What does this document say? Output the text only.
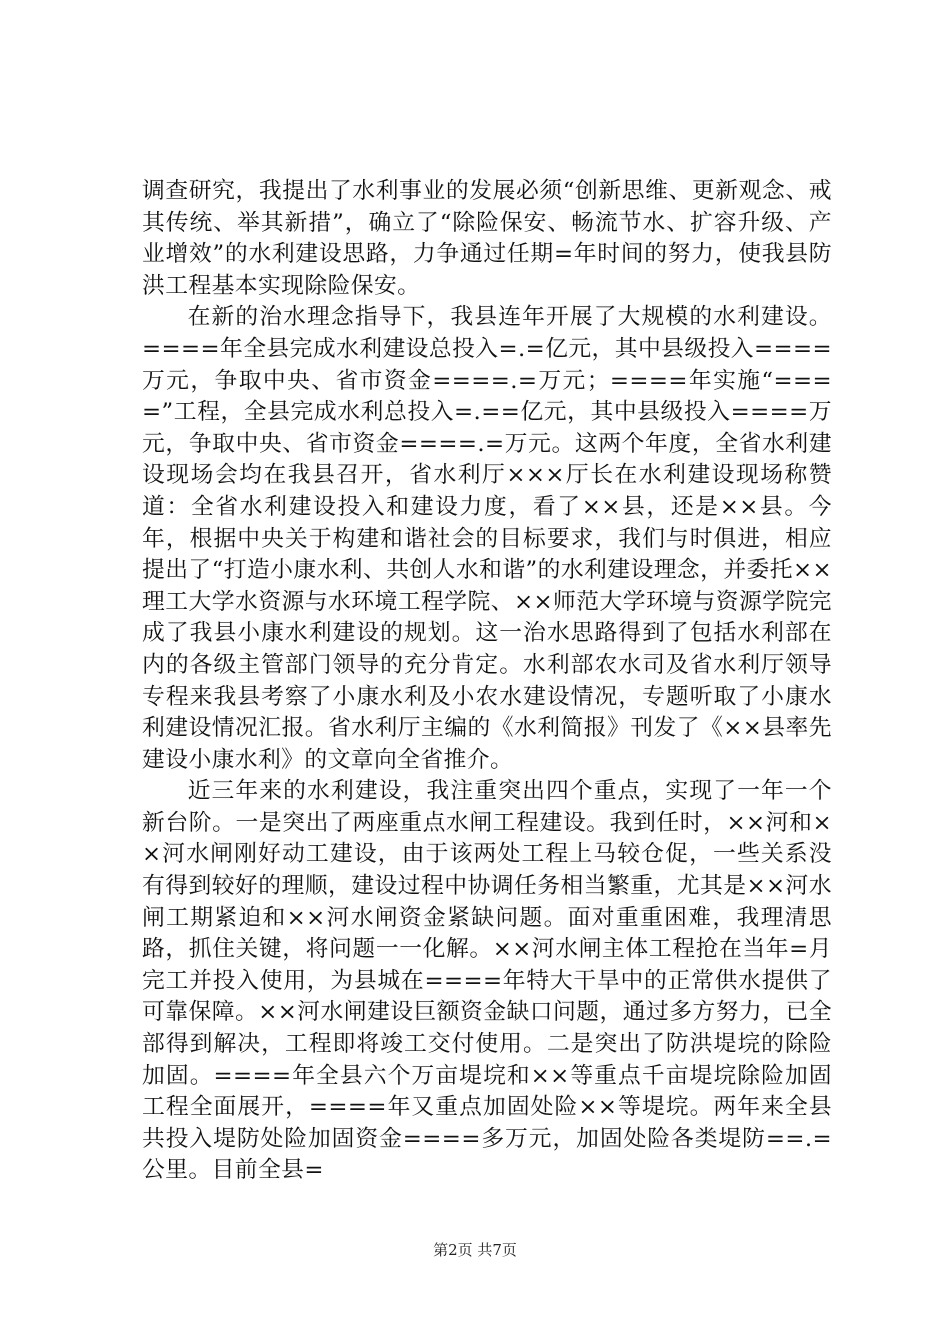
调查研究，我提出了水利事业的发展必须“创新思维、更新观念、戒其传统、举其新措”，确立了“除险保安、畅流节水、扩容升级、产业增效”的水利建设思路，力争通过任期=年时间的努力，使我县防洪工程基本实现除险保安。

在新的治水理念指导下，我县连年开展了大规模的水利建设。====年全县完成水利建设总投入=.=亿元，其中县级投入====万元，争取中央、省市资金====.=万元；====年实施“====”工程，全县完成水利总投入=.==亿元，其中县级投入====万元，争取中央、省市资金====.=万元。这两个年度，全省水利建设现场会均在我县召开，省水利厅×××厅长在水利建设现场称赞道：全省水利建设投入和建设力度，看了××县，还是××县。今年，根据中央关于构建和谐社会的目标要求，我们与时俱进，相应提出了“打造小康水利、共创人水和谐”的水利建设理念，并委托××理工大学水资源与水环境工程学院、××师范大学环境与资源学院完成了我县小康水利建设的规划。这一治水思路得到了包括水利部在内的各级主管部门领导的充分肯定。水利部农水司及省水利厅领导专程来我县考察了小康水利及小农水建设情况，专题听取了小康水利建设情况汇报。省水利厅主编的《水利简报》刊发了《××县率先建设小康水利》的文章向全省推介。

近三年来的水利建设，我注重突出四个重点，实现了一年一个新台阶。一是突出了两座重点水闸工程建设。我到任时，××河和××河水闸刚好动工建设，由于该两处工程上马较仓促，一些关系没有得到较好的理顺，建设过程中协调任务相当繁重，尤其是××河水闸工期紧迫和××河水闸资金紧缺问题。面对重重困难，我理清思路，抓住关键，将问题一一化解。××河水闸主体工程抢在当年=月完工并投入使用，为县城在====年特大干旱中的正常供水提供了可靠保障。××河水闸建设巨额资金缺口问题，通过多方努力，已全部得到解决，工程即将竣工交付使用。二是突出了防洪堤垸的除险加固。====年全县六个万亩堤垸和××等重点千亩堤垸除险加固工程全面展开，====年又重点加固处险××等堤垸。两年来全县共投入堤防处险加固资金====多万元，加固处险各类堤防==.=公里。目前全县=

第2页 共7页
